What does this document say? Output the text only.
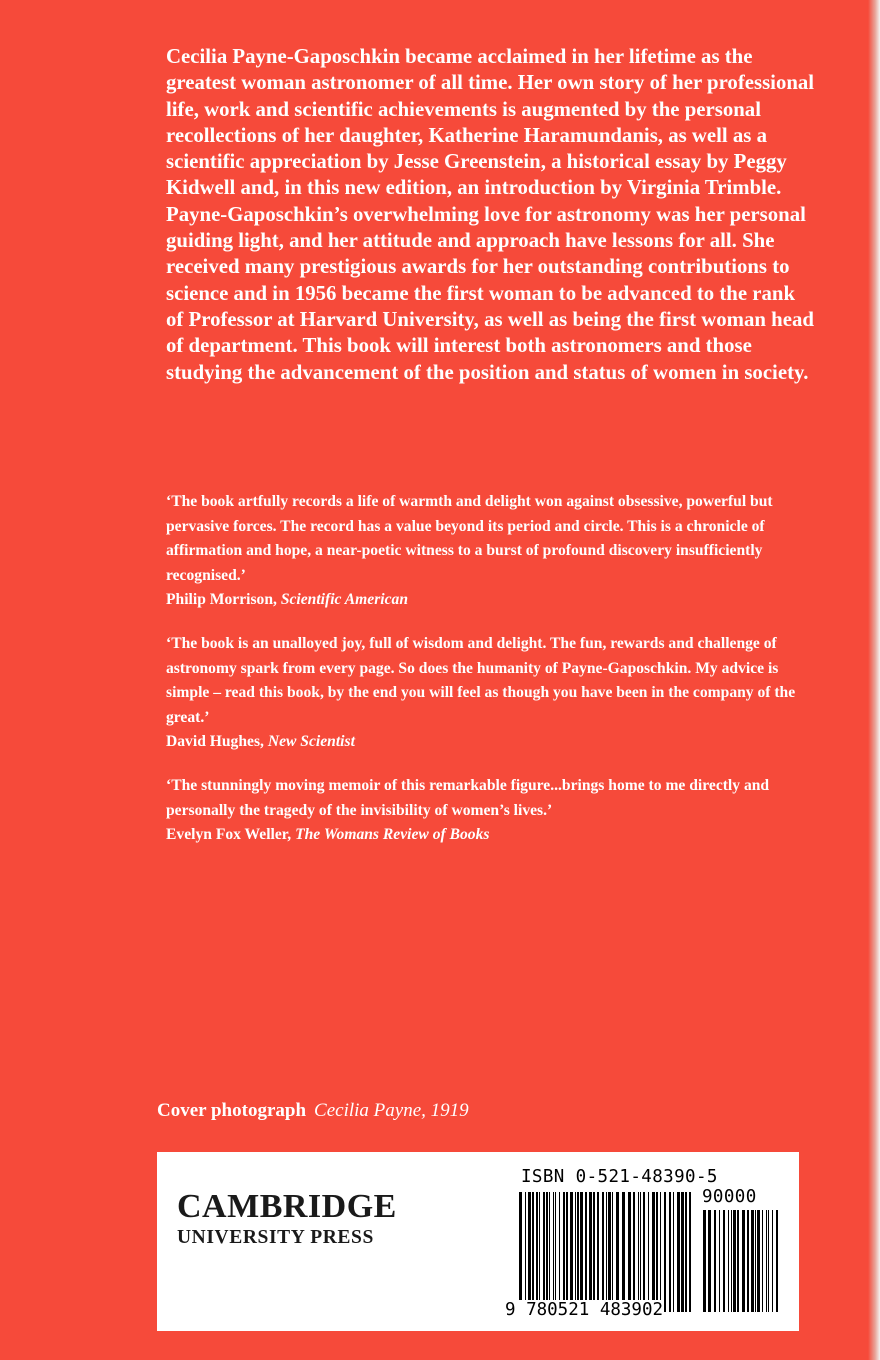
Cecilia Payne-Gaposchkin became acclaimed in her lifetime as the greatest woman astronomer of all time. Her own story of her professional life, work and scientific achievements is augmented by the personal recollections of her daughter, Katherine Haramundanis, as well as a scientific appreciation by Jesse Greenstein, a historical essay by Peggy Kidwell and, in this new edition, an introduction by Virginia Trimble. Payne-Gaposchkin’s overwhelming love for astronomy was her personal guiding light, and her attitude and approach have lessons for all. She received many prestigious awards for her outstanding contributions to science and in 1956 became the first woman to be advanced to the rank of Professor at Harvard University, as well as being the first woman head of department. This book will interest both astronomers and those studying the advancement of the position and status of women in society.

‘The book artfully records a life of warmth and delight won against obsessive, powerful but pervasive forces. The record has a value beyond its period and circle. This is a chronicle of affirmation and hope, a near-poetic witness to a burst of profound discovery insufficiently recognised.’
Philip Morrison, Scientific American

‘The book is an unalloyed joy, full of wisdom and delight. The fun, rewards and challenge of astronomy spark from every page. So does the humanity of Payne-Gaposchkin. My advice is simple – read this book, by the end you will feel as though you have been in the company of the great.’
David Hughes, New Scientist

‘The stunningly moving memoir of this remarkable figure...brings home to me directly and personally the tragedy of the invisibility of women’s lives.’
Evelyn Fox Weller, The Womans Review of Books

Cover photograph Cecilia Payne, 1919
CAMBRIDGE
UNIVERSITY PRESS
ISBN 0-521-48390-5
90000
9 780521 483902
